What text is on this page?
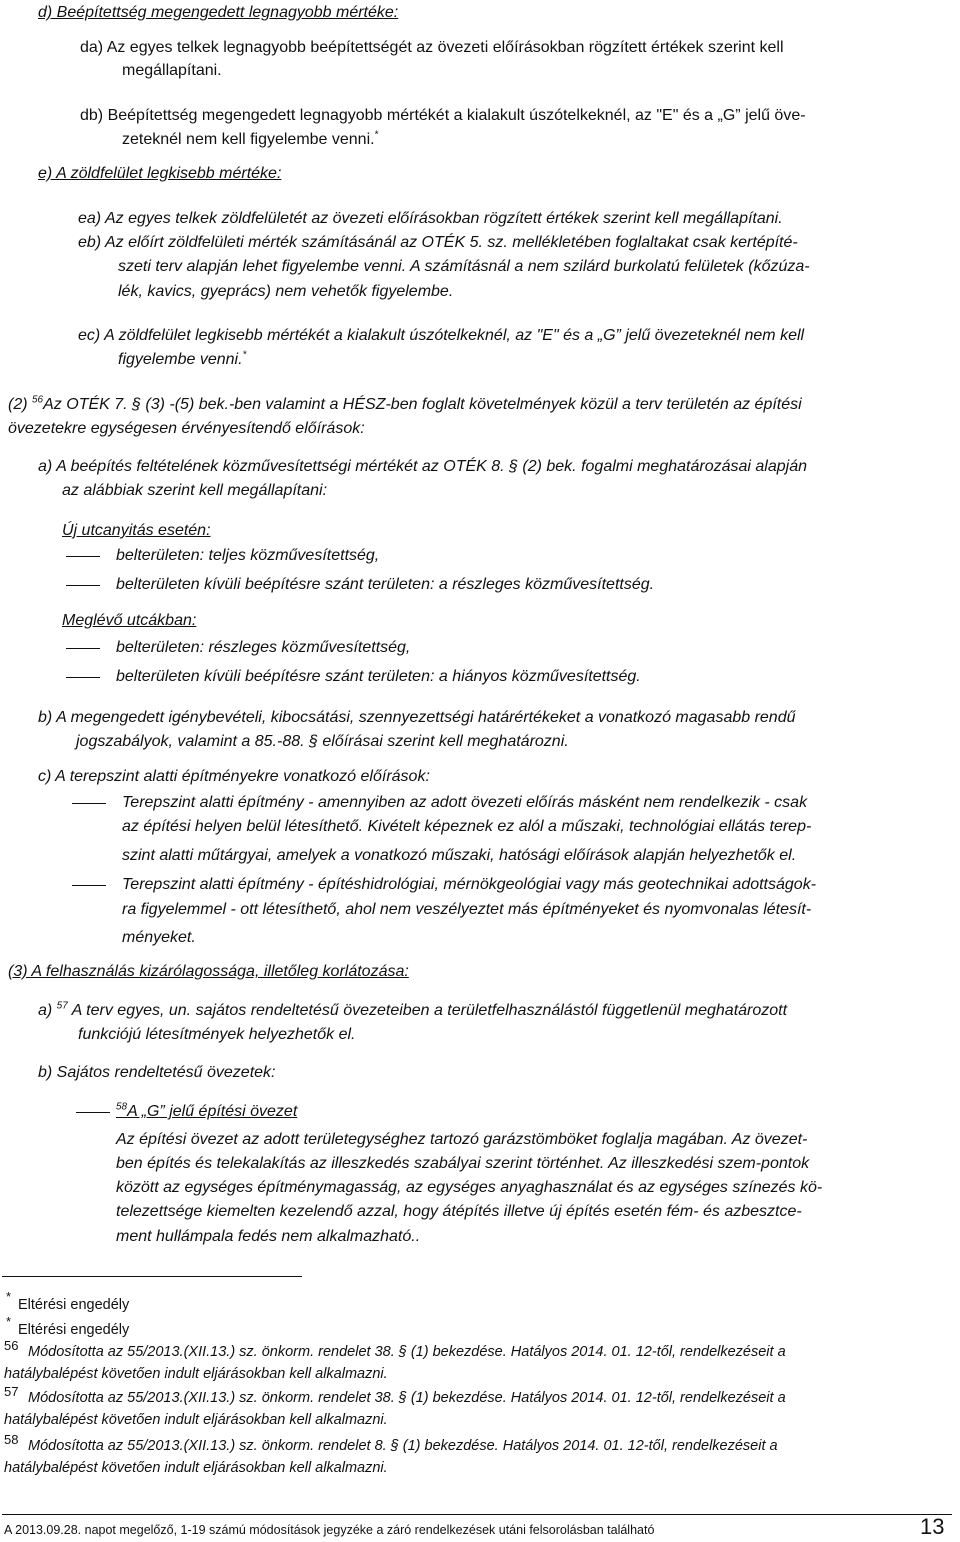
d) Beépítettség megengedett legnagyobb mértéke:
da) Az egyes telkek legnagyobb beépítettségét az övezeti előírásokban rögzített értékek szerint kell
megállapítani.
db) Beépítettség megengedett legnagyobb mértékét a kialakult úszótelkeknél, az "E" és a „G” jelű öve-
zeteknél nem kell figyelembe venni.*
e) A zöldfelület legkisebb mértéke:
ea) Az egyes telkek zöldfelületét az övezeti előírásokban rögzített értékek szerint kell megállapítani.
eb) Az előírt zöldfelületi mérték számításánál az OTÉK 5. sz. mellékletében foglaltakat csak kertépíté-
szeti terv alapján lehet figyelembe venni. A számításnál a nem szilárd burkolatú felületek (kőzúza-
lék, kavics, gyeprács) nem vehetők figyelembe.
ec) A zöldfelület legkisebb mértékét a kialakult úszótelkeknél, az "E" és a „G” jelű övezeteknél nem kell
figyelembe venni.*
(2) $^{56}$Az OTÉK 7. § (3) -(5) bek.-ben valamint a HÉSZ-ben foglalt követelmények közül a terv területén az építési
övezetekre egységesen érvényesítendő előírások:
a) A beépítés feltételének közművesítettségi mértékét az OTÉK 8. § (2) bek. fogalmi meghatározásai alapján
az alábbiak szerint kell megállapítani:
Új utcanyitás esetén:
belterületen: teljes közművesítettség,
belterületen kívüli beépítésre szánt területen: a részleges közművesítettség.
Meglévő utcákban:
belterületen: részleges közművesítettség,
belterületen kívüli beépítésre szánt területen: a hiányos közművesítettség.
b) A megengedett igénybevételi, kibocsátási, szennyezettségi határértékeket a vonatkozó magasabb rendű
jogszabályok, valamint a 85.-88. § előírásai szerint kell meghatározni.
c) A terepszint alatti építményekre vonatkozó előírások:
Terepszint alatti építmény - amennyiben az adott övezeti előírás másként nem rendelkezik - csak
az építési helyen belül létesíthető. Kivételt képeznek ez alól a műszaki, technológiai ellátás terep-
szint alatti műtárgyai, amelyek a vonatkozó műszaki, hatósági előírások alapján helyezhetők el.
Terepszint alatti építmény - építéshidrológiai, mérnökgeológiai vagy más geotechnikai adottságok-
ra figyelemmel - ott létesíthető, ahol nem veszélyeztet más építményeket és nyomvonalas létesít-
ményeket.
(3) A felhasználás kizárólagossága, illetőleg korlátozása:
a) $^{57}$ A terv egyes, un. sajátos rendeltetésű övezeteiben a területfelhasználástól függetlenül meghatározott
funkciójú létesítmények helyezhetők el.
b) Sajátos rendeltetésű övezetek:
$^{58}$A „G” jelű építési övezet
Az építési övezet az adott területegységhez tartozó garázstömböket foglalja magában. Az övezet-
ben építés és telekalakítás az illeszkedés szabályai szerint történhet. Az illeszkedési szem-pontok
között az egységes építménymagasság, az egységes anyaghasználat és az egységes színezés kö-
telezettsége kiemelten kezelendő azzal, hogy átépítés illetve új építés esetén fém- és azbesztce-
ment hullámpala fedés nem alkalmazható..
*
Eltérési engedély
*
Eltérési engedély
56 Módosította az 55/2013.(XII.13.) sz. önkorm. rendelet 38. § (1) bekezdése. Hatályos 2014. 01. 12-től, rendelkezéseit a
hatálybalépést követően indult eljárásokban kell alkalmazni.
57 Módosította az 55/2013.(XII.13.) sz. önkorm. rendelet 38. § (1) bekezdése. Hatályos 2014. 01. 12-től, rendelkezéseit a
hatálybalépést követően indult eljárásokban kell alkalmazni.
58 Módosította az 55/2013.(XII.13.) sz. önkorm. rendelet 8. § (1) bekezdése. Hatályos 2014. 01. 12-től, rendelkezéseit a
hatálybalépést követően indult eljárásokban kell alkalmazni.
A 2013.09.28. napot megelőző, 1-19 számú módosítások jegyzéke a záró rendelkezések utáni felsorolásban található	13
